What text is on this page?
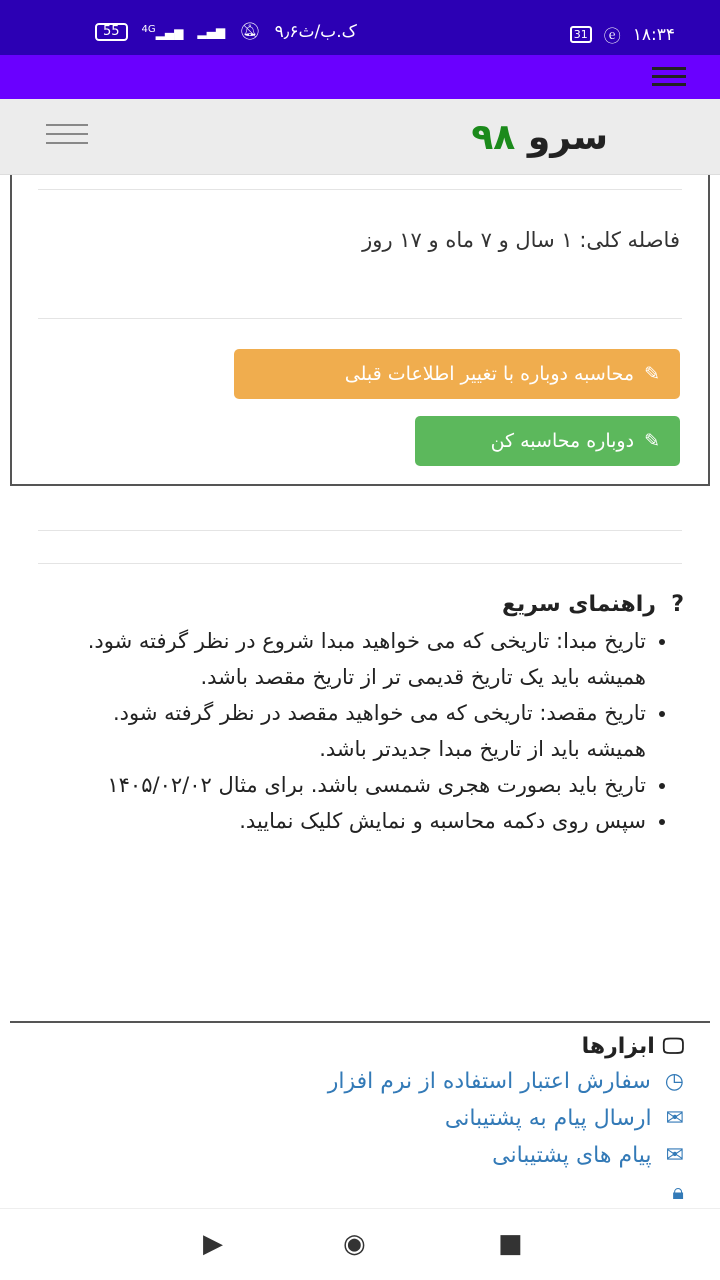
55	$^{4G}$▂▄▆ ▂▄▆ 🔕︎ ۹٫۶ک.ب/ث	31 ⓔ ۱۸:۳۴
سرو ۹۸
فاصله کلی: ۱ سال و ۷ ماه و ۱۷ روز
✎
محاسبه دوباره با تغییر اطلاعات قبلی
✎
دوباره محاسبه کن
?  راهنمای سریع
• تاریخ مبدا: تاریخی که می خواهید مبدا شروع در نظر گرفته شود. همیشه باید یک تاریخ قدیمی تر از تاریخ مقصد باشد.
• تاریخ مقصد: تاریخی که می خواهید مقصد در نظر گرفته شود. همیشه باید از تاریخ مبدا جدیدتر باشد.
• تاریخ باید بصورت هجری شمسی باشد. برای مثال ۱۴۰۵/۰۲/۰۲
• سپس روی دکمه محاسبه و نمایش کلیک نمایید.
🖵︎
ابزارها
◷
سفارش اعتبار استفاده از نرم افزار
✉
ارسال پیام به پشتیبانی
✉︎
پیام های پشتیبانی
🔒︎
▶	◉	■
